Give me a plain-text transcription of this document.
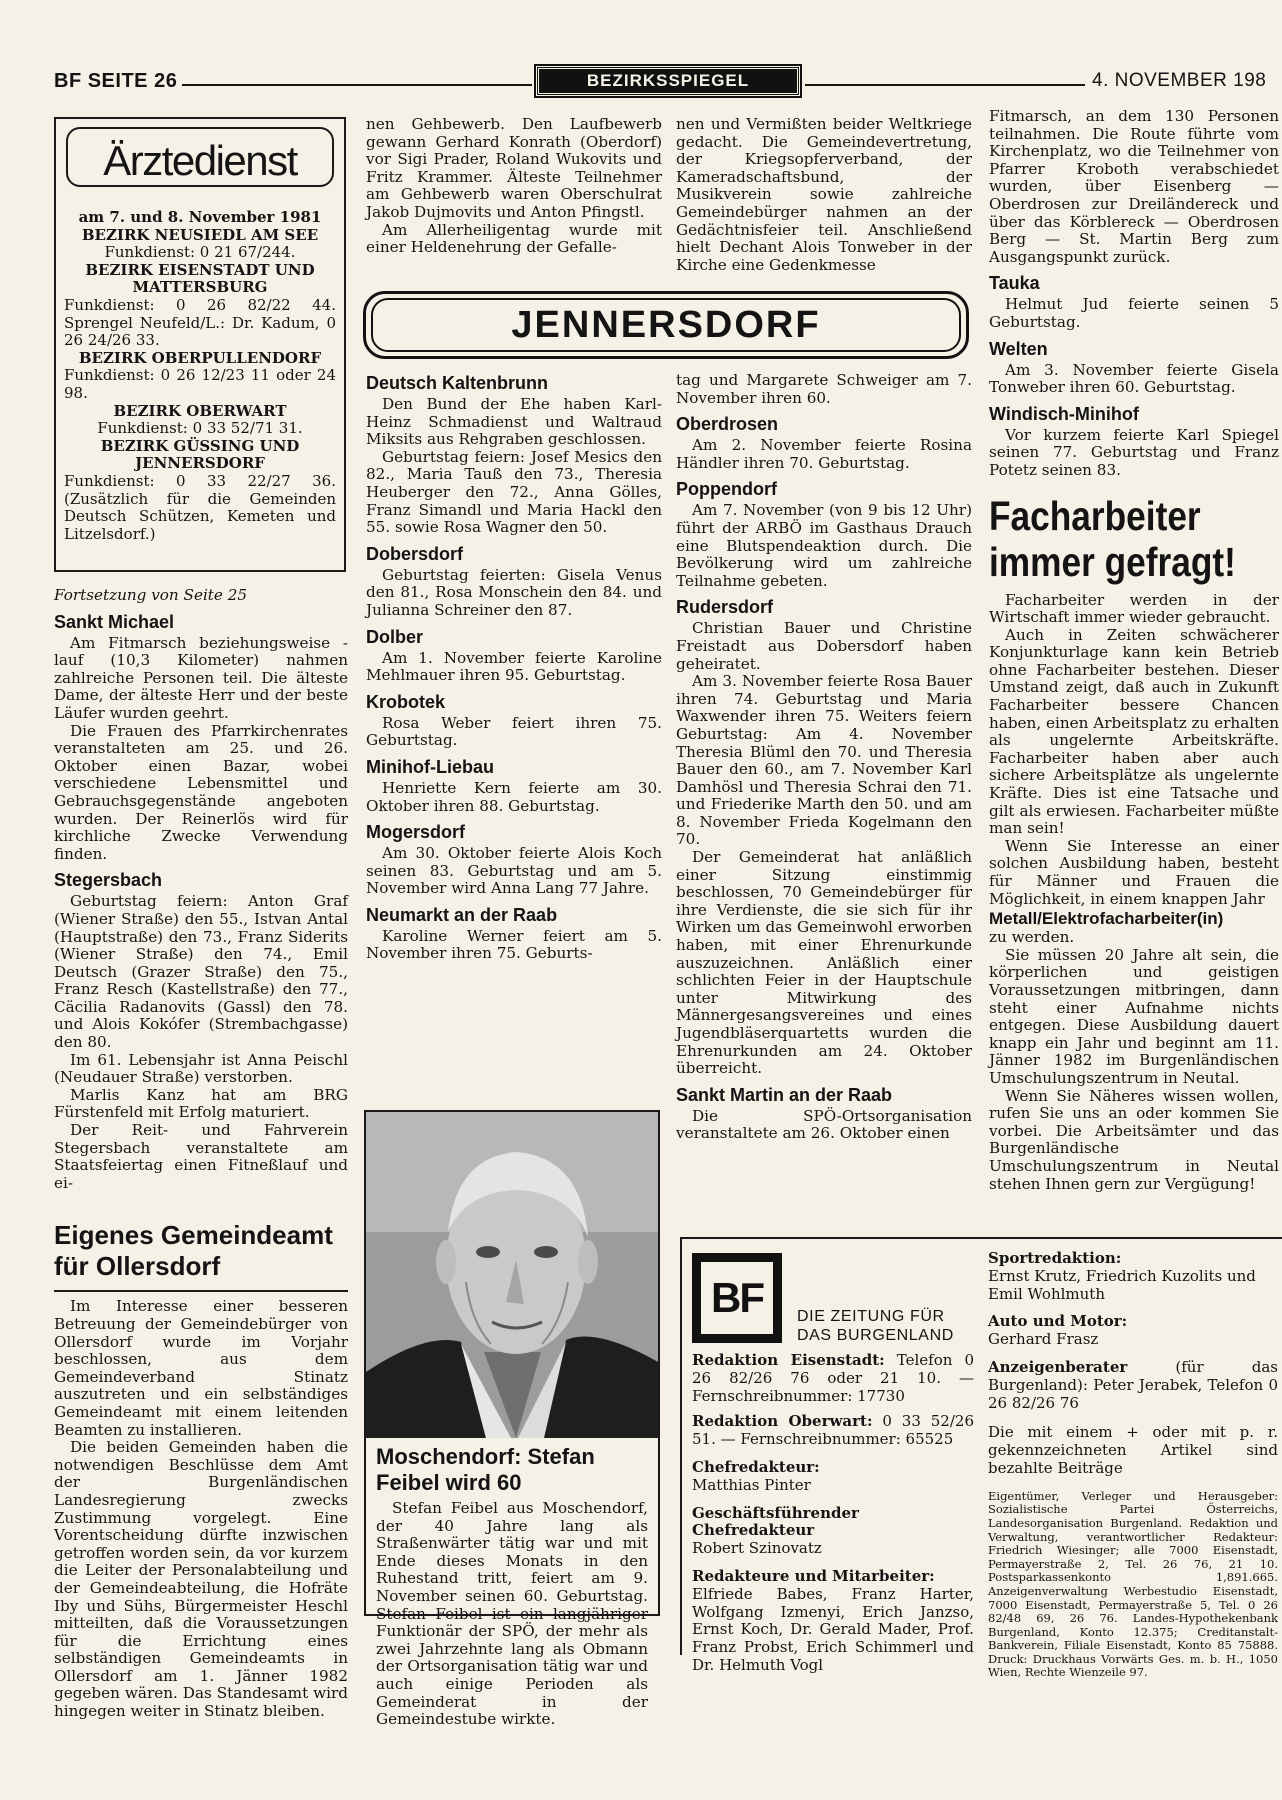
BF SEITE 26	BEZIRKSSPIEGEL	4. NOVEMBER 198
Ärztedienst
am 7. und 8. November 1981
BEZIRK NEUSIEDL AM SEE
Funkdienst: 0 21 67/244.
BEZIRK EISENSTADT UND MATTERSBURG
Funkdienst: 0 26 82/22 44. Sprengel Neufeld/L.: Dr. Kadum, 0 26 24/26 33.
BEZIRK OBERPULLENDORF
Funkdienst: 0 26 12/23 11 oder 24 98.
BEZIRK OBERWART
Funkdienst: 0 33 52/71 31.
BEZIRK GÜSSING UND JENNERSDORF
Funkdienst: 0 33 22/27 36. (Zusätzlich für die Gemeinden Deutsch Schützen, Kemeten und Litzelsdorf.)

Fortsetzung von Seite 25

Sankt Michael

Am Fitmarsch beziehungsweise -lauf (10,3 Kilometer) nahmen zahlreiche Personen teil. Die älteste Dame, der älteste Herr und der beste Läufer wurden geehrt.

Die Frauen des Pfarrkirchenrates veranstalteten am 25. und 26. Oktober einen Bazar, wobei verschiedene Lebensmittel und Gebrauchsgegenstände angeboten wurden. Der Reinerlös wird für kirchliche Zwecke Verwendung finden.

Stegersbach

Geburtstag feiern: Anton Graf (Wiener Straße) den 55., Istvan Antal (Hauptstraße) den 73., Franz Siderits (Wiener Straße) den 74., Emil Deutsch (Grazer Straße) den 75., Franz Resch (Kastellstraße) den 77., Cäcilia Radanovits (Gassl) den 78. und Alois Kokófer (Strembachgasse) den 80.

Im 61. Lebensjahr ist Anna Peischl (Neudauer Straße) verstorben.

Marlis Kanz hat am BRG Fürstenfeld mit Erfolg maturiert.

Der Reit- und Fahrverein Stegersbach veranstaltete am Staatsfeiertag einen Fitneßlauf und ei-

Eigenes Gemeindeamt für Ollersdorf

Im Interesse einer besseren Betreuung der Gemeindebürger von Ollersdorf wurde im Vorjahr beschlossen, aus dem Gemeindeverband Stinatz auszutreten und ein selbständiges Gemeindeamt mit einem leitenden Beamten zu installieren.

Die beiden Gemeinden haben die notwendigen Beschlüsse dem Amt der Burgenländischen Landesregierung zwecks Zustimmung vorgelegt. Eine Vorentscheidung dürfte inzwischen getroffen worden sein, da vor kurzem die Leiter der Personalabteilung und der Gemeindeabteilung, die Hofräte Iby und Sühs, Bürgermeister Heschl mitteilten, daß die Voraussetzungen für die Errichtung eines selbständigen Gemeindeamts in Ollersdorf am 1. Jänner 1982 gegeben wären. Das Standesamt wird hingegen weiter in Stinatz bleiben.

nen Gehbewerb. Den Laufbewerb gewann Gerhard Konrath (Oberdorf) vor Sigi Prader, Roland Wukovits und Fritz Krammer. Älteste Teilnehmer am Gehbewerb waren Oberschulrat Jakob Dujmovits und Anton Pfingstl.

Am Allerheiligentag wurde mit einer Heldenehrung der Gefalle-

nen und Vermißten beider Weltkriege gedacht. Die Gemeindevertretung, der Kriegsopferverband, der Kameradschaftsbund, der Musikverein sowie zahlreiche Gemeindebürger nahmen an der Gedächtnisfeier teil. Anschließend hielt Dechant Alois Tonweber in der Kirche eine Gedenkmesse

JENNERSDORF
Deutsch Kaltenbrunn

Den Bund der Ehe haben Karl-Heinz Schmadienst und Waltraud Miksits aus Rehgraben geschlossen.

Geburtstag feiern: Josef Mesics den 82., Maria Tauß den 73., Theresia Heuberger den 72., Anna Gölles, Franz Simandl und Maria Hackl den 55. sowie Rosa Wagner den 50.

Dobersdorf

Geburtstag feierten: Gisela Venus den 81., Rosa Monschein den 84. und Julianna Schreiner den 87.

Dolber

Am 1. November feierte Karoline Mehlmauer ihren 95. Geburtstag.

Krobotek

Rosa Weber feiert ihren 75. Geburtstag.

Minihof-Liebau

Henriette Kern feierte am 30. Oktober ihren 88. Geburtstag.

Mogersdorf

Am 30. Oktober feierte Alois Koch seinen 83. Geburtstag und am 5. November wird Anna Lang 77 Jahre.

Neumarkt an der Raab

Karoline Werner feiert am 5. November ihren 75. Geburts-

Moschendorf: Stefan Feibel wird 60

Stefan Feibel aus Moschendorf, der 40 Jahre lang als Straßenwärter tätig war und mit Ende dieses Monats in den Ruhestand tritt, feiert am 9. November seinen 60. Geburtstag. Stefan Feibel ist ein langjähriger Funktionär der SPÖ, der mehr als zwei Jahrzehnte lang als Obmann der Ortsorganisation tätig war und auch einige Perioden als Gemeinderat in der Gemeindestube wirkte.

tag und Margarete Schweiger am 7. November ihren 60.

Oberdrosen

Am 2. November feierte Rosina Händler ihren 70. Geburtstag.

Poppendorf

Am 7. November (von 9 bis 12 Uhr) führt der ARBÖ im Gasthaus Drauch eine Blutspendeaktion durch. Die Bevölkerung wird um zahlreiche Teilnahme gebeten.

Rudersdorf

Christian Bauer und Christine Freistadt aus Dobersdorf haben geheiratet.

Am 3. November feierte Rosa Bauer ihren 74. Geburtstag und Maria Waxwender ihren 75. Weiters feiern Geburtstag: Am 4. November Theresia Blüml den 70. und Theresia Bauer den 60., am 7. November Karl Damhösl und Theresia Schrai den 71. und Friederike Marth den 50. und am 8. November Frieda Kogelmann den 70.

Der Gemeinderat hat anläßlich einer Sitzung einstimmig beschlossen, 70 Gemeindebürger für ihre Verdienste, die sie sich für ihr Wirken um das Gemeinwohl erworben haben, mit einer Ehrenurkunde auszuzeichnen. Anläßlich einer schlichten Feier in der Hauptschule unter Mitwirkung des Männergesangsvereines und eines Jugendbläserquartetts wurden die Ehrenurkunden am 24. Oktober überreicht.

Sankt Martin an der Raab

Die SPÖ-Ortsorganisation veranstaltete am 26. Oktober einen

Fitmarsch, an dem 130 Personen teilnahmen. Die Route führte vom Kirchenplatz, wo die Teilnehmer von Pfarrer Kroboth verabschiedet wurden, über Eisenberg — Oberdrosen zur Dreiländereck und über das Körblereck — Oberdrosen Berg — St. Martin Berg zum Ausgangspunkt zurück.

Tauka

Helmut Jud feierte seinen 5 Geburtstag.

Welten

Am 3. November feierte Gisela Tonweber ihren 60. Geburtstag.

Windisch-Minihof

Vor kurzem feierte Karl Spiegel seinen 77. Geburtstag und Franz Potetz seinen 83.

Facharbeiter
immer gefragt!

Facharbeiter werden in der Wirtschaft immer wieder gebraucht.

Auch in Zeiten schwächerer Konjunkturlage kann kein Betrieb ohne Facharbeiter bestehen. Dieser Umstand zeigt, daß auch in Zukunft Facharbeiter bessere Chancen haben, einen Arbeitsplatz zu erhalten als ungelernte Arbeitskräfte. Facharbeiter haben aber auch sichere Arbeitsplätze als ungelernte Kräfte. Dies ist eine Tatsache und gilt als erwiesen. Facharbeiter müßte man sein!

Wenn Sie Interesse an einer solchen Ausbildung haben, besteht für Männer und Frauen die Möglichkeit, in einem knappen Jahr

Metall/Elektrofacharbeiter(in)

zu werden.

Sie müssen 20 Jahre alt sein, die körperlichen und geistigen Voraussetzungen mitbringen, dann steht einer Aufnahme nichts entgegen. Diese Ausbildung dauert knapp ein Jahr und beginnt am 11. Jänner 1982 im Burgenländischen Umschulungszentrum in Neutal.

Wenn Sie Näheres wissen wollen, rufen Sie uns an oder kommen Sie vorbei. Die Arbeitsämter und das Burgenländische Umschulungszentrum in Neutal stehen Ihnen gern zur Vergügung!

BF	DIE ZEITUNG FÜR
DAS BURGENLAND
Redaktion Eisenstadt: Telefon 0 26 82/26 76 oder 21 10. — Fernschreibnummer: 17730
Redaktion Oberwart: 0 33 52/26 51. — Fernschreibnummer: 65525
Chefredakteur:
Matthias Pinter
Geschäftsführender Chefredakteur
Robert Szinovatz
Redakteure und Mitarbeiter:
Elfriede Babes, Franz Harter, Wolfgang Izmenyi, Erich Janzso, Ernst Koch, Dr. Gerald Mader, Prof. Franz Probst, Erich Schimmerl und Dr. Helmuth Vogl
Sportredaktion:
Ernst Krutz, Friedrich Kuzolits und Emil Wohlmuth
Auto und Motor:
Gerhard Frasz
Anzeigenberater	(für das Burgenland): Peter Jerabek, Telefon 0 26 82/26 76
Die mit einem + oder mit p. r. gekennzeichneten Artikel sind bezahlte Beiträge
Eigentümer, Verleger und Herausgeber: Sozialistische Partei Österreichs, Landesorganisation Burgenland. Redaktion und Verwaltung, verantwortlicher Redakteur: Friedrich Wiesinger; alle 7000 Eisenstadt, Permayerstraße 2, Tel. 26 76, 21 10. Postsparkassenkonto 1,891.665. Anzeigenverwaltung Werbestudio Eisenstadt, 7000 Eisenstadt, Permayerstraße 5, Tel. 0 26 82/48 69, 26 76. Landes-Hypothekenbank Burgenland, Konto 12.375; Creditanstalt-Bankverein, Filiale Eisenstadt, Konto 85 75888. Druck: Druckhaus Vorwärts Ges. m. b. H., 1050 Wien, Rechte Wienzeile 97.
